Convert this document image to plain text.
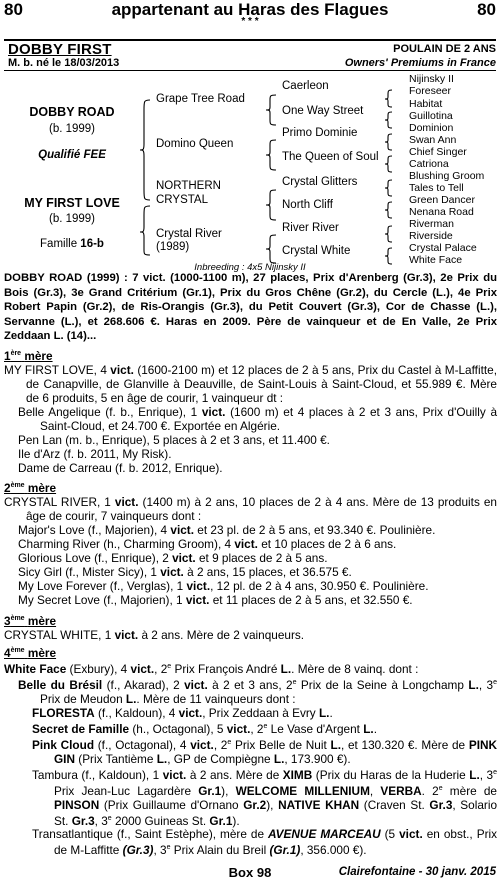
80	appartenant au Haras des Flagues	80
* * *
DOBBY FIRST	POULAIN DE 2 ANS
M. b. né le 18/03/2013	Owners' Premiums in France
DOBBY ROAD
(b. 1999)
Qualifié FEE
MY FIRST LOVE
(b. 1999)
Famille 16-b
Grape Tree Road
Domino Queen
NORTHERN
CRYSTAL
Crystal River
(1989)
Caerleon
One Way Street
Primo Dominie
The Queen of Soul
Crystal Glitters
North Cliff
River River
Crystal White
Nijinsky II
Foreseer
Habitat
Guillotina
Dominion
Swan Ann
Chief Singer
Catriona
Blushing Groom
Tales to Tell
Green Dancer
Nenana Road
Riverman
Riverside
Crystal Palace
White Face
Inbreeding : 4x5 Nijinsky II
DOBBY ROAD (1999) : 7 vict. (1000-1100 m), 27 places, Prix d'Arenberg (Gr.3), 2e Prix du Bois (Gr.3), 3e Grand Critérium (Gr.1), Prix du Gros Chêne (Gr.2), du Cercle (L.), 4e Prix Robert Papin (Gr.2), de Ris-Orangis (Gr.3), du Petit Couvert (Gr.3), Cor de Chasse (L.), Servanne (L.), et 268.606 €. Haras en 2009. Père de vainqueur et de En Valle, 2e Prix Zeddaan L. (14)...
1ère mère
MY FIRST LOVE, 4 vict. (1600-2100 m) et 12 places de 2 à 5 ans, Prix du Castel à M-Laffitte, de Canapville, de Glanville à Deauville, de Saint-Louis à Saint-Cloud, et 55.989 €. Mère de 6 produits, 5 en âge de courir, 1 vainqueur dt :
Belle Angelique (f. b., Enrique), 1 vict. (1600 m) et 4 places à 2 et 3 ans, Prix d'Ouilly à Saint-Cloud, et 24.700 €. Exportée en Algérie.
Pen Lan (m. b., Enrique), 5 places à 2 et 3 ans, et 11.400 €.
Ile d'Arz (f. b. 2011, My Risk).
Dame de Carreau (f. b. 2012, Enrique).
2ème mère
CRYSTAL RIVER, 1 vict. (1400 m) à 2 ans, 10 places de 2 à 4 ans. Mère de 13 produits en âge de courir, 7 vainqueurs dont :
Major's Love (f., Majorien), 4 vict. et 23 pl. de 2 à 5 ans, et 93.340 €. Poulinière.
Charming River (h., Charming Groom), 4 vict. et 10 places de 2 à 6 ans.
Glorious Love (f., Enrique), 2 vict. et 9 places de 2 à 5 ans.
Sicy Girl (f., Mister Sicy), 1 vict. à 2 ans, 15 places, et 36.575 €.
My Love Forever (f., Verglas), 1 vict., 12 pl. de 2 à 4 ans, 30.950 €. Poulinière.
My Secret Love (f., Majorien), 1 vict. et 11 places de 2 à 5 ans, et 32.550 €.
3ème mère
CRYSTAL WHITE, 1 vict. à 2 ans. Mère de 2 vainqueurs.
4ème mère
White Face (Exbury), 4 vict., 2e Prix François André L.. Mère de 8 vainq. dont :
Belle du Brésil (f., Akarad), 2 vict. à 2 et 3 ans, 2e Prix de la Seine à Longchamp L., 3e Prix de Meudon L.. Mère de 11 vainqueurs dont :
FLORESTA (f., Kaldoun), 4 vict., Prix Zeddaan à Evry L..
Secret de Famille (h., Octagonal), 5 vict., 2e Le Vase d'Argent L..
Pink Cloud (f., Octagonal), 4 vict., 2e Prix Belle de Nuit L., et 130.320 €. Mère de PINK GIN (Prix Tantième L., GP de Compiègne L., 173.900 €).
Tambura (f., Kaldoun), 1 vict. à 2 ans. Mère de XIMB (Prix du Haras de la Huderie L., 3e Prix Jean-Luc Lagardère Gr.1), WELCOME MILLENIUM, VERBA. 2e mère de PINSON (Prix Guillaume d'Ornano Gr.2), NATIVE KHAN (Craven St. Gr.3, Solario St. Gr.3, 3e 2000 Guineas St. Gr.1).
Transatlantique (f., Saint Estèphe), mère de AVENUE MARCEAU (5 vict. en obst., Prix de M-Laffitte (Gr.3), 3e Prix Alain du Breil (Gr.1), 356.000 €).
Box 98	Clairefontaine - 30 janv. 2015
